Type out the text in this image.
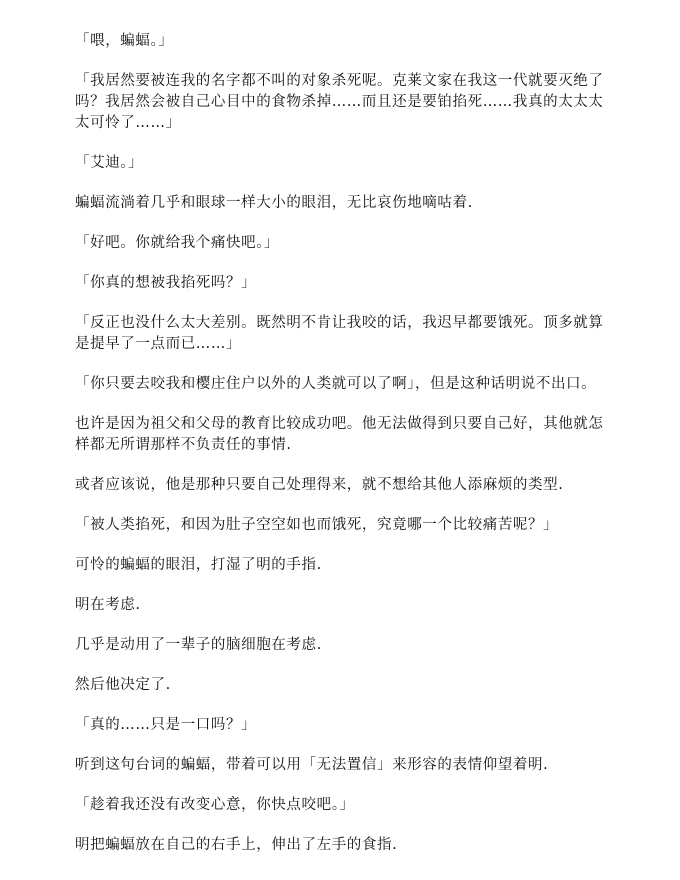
「喂，蝙蝠。」

「我居然要被连我的名字都不叫的对象杀死呢。克莱文家在我这一代就要灭绝了吗？我居然会被自己心目中的食物杀掉……而且还是要铂掐死……我真的太太太太可怜了……」

「艾迪。」

蝙蝠流淌着几乎和眼球一样大小的眼泪，无比哀伤地嘀咕着.

「好吧。你就给我个痛快吧。」

「你真的想被我掐死吗？」

「反正也没什么太大差别。既然明不肯让我咬的话，我迟早都要饿死。顶多就算是提早了一点而已……」

「你只要去咬我和樱庄住户以外的人类就可以了啊」，但是这种话明说不出口。

也许是因为祖父和父母的教育比较成功吧。他无法做得到只要自己好，其他就怎样都无所谓那样不负责任的事情.

或者应该说，他是那种只要自己处理得来，就不想给其他人添麻烦的类型.

「被人类掐死，和因为肚子空空如也而饿死，究竟哪一个比较痛苦呢？」

可怜的蝙蝠的眼泪，打湿了明的手指.

明在考虑.

几乎是动用了一辈子的脑细胞在考虑.

然后他决定了.

「真的……只是一口吗？」

听到这句台词的蝙蝠，带着可以用「无法置信」来形容的表情仰望着明.

「趁着我还没有改变心意，你快点咬吧。」

明把蝙蝠放在自己的右手上，伸出了左手的食指.
